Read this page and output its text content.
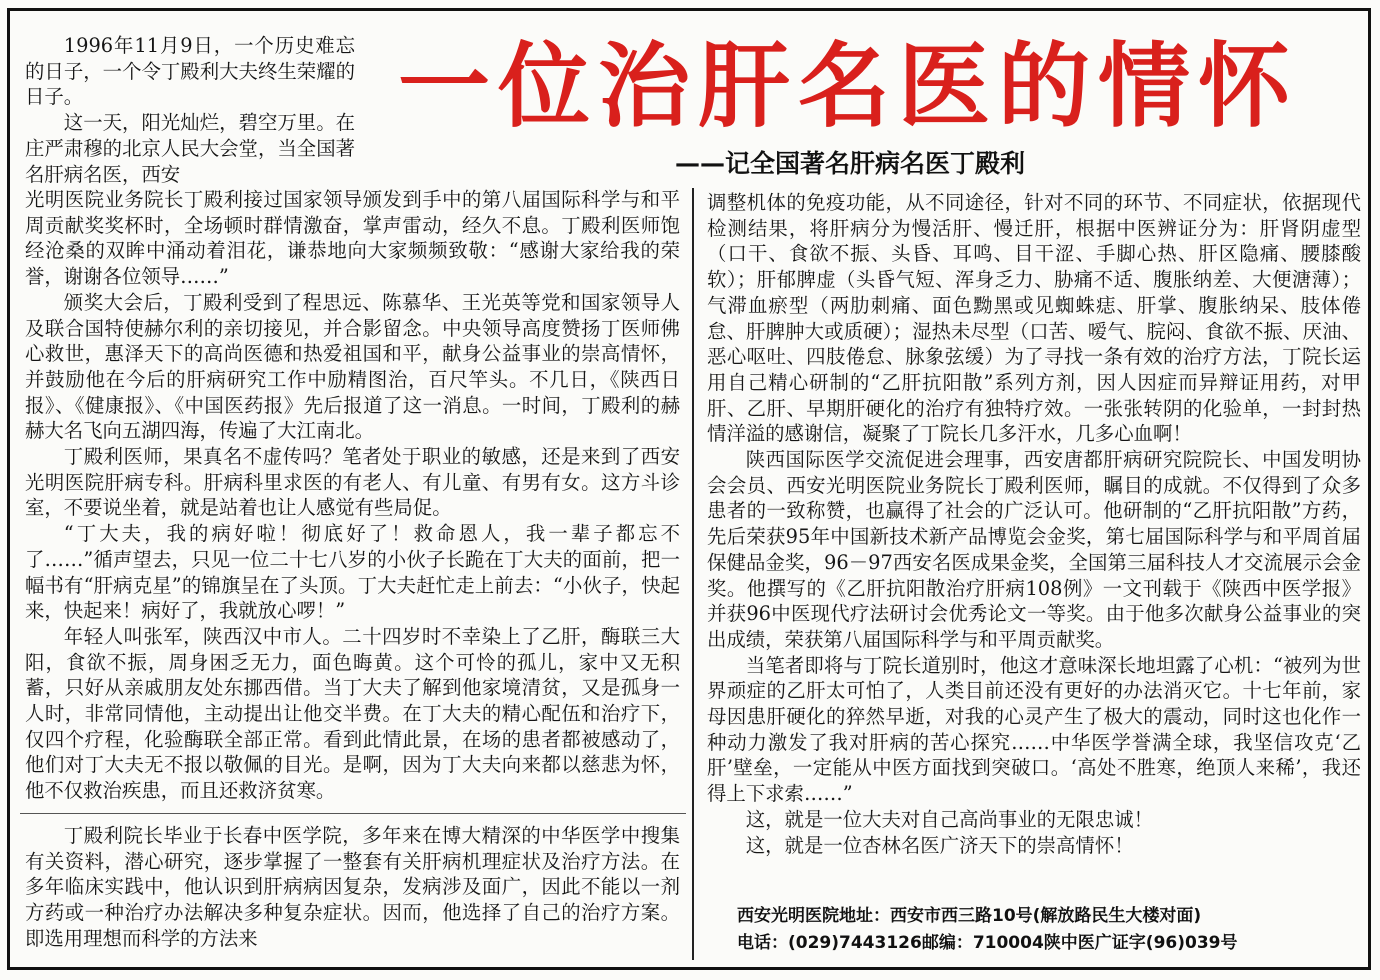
一位治肝名医的情怀
——记全国著名肝病名医丁殿利

1996年11月9日，一个历史难忘的日子，一个令丁殿利大夫终生荣耀的日子。

这一天，阳光灿烂，碧空万里。在庄严肃穆的北京人民大会堂，当全国著名肝病名医，西安

光明医院业务院长丁殿利接过国家领导颁发到手中的第八届国际科学与和平周贡献奖奖杯时，全场顿时群情激奋，掌声雷动，经久不息。丁殿利医师饱经沧桑的双眸中涌动着泪花，谦恭地向大家频频致敬：“感谢大家给我的荣誉，谢谢各位领导……”

颁奖大会后，丁殿利受到了程思远、陈慕华、王光英等党和国家领导人及联合国特使赫尔利的亲切接见，并合影留念。中央领导高度赞扬丁医师佛心救世，惠泽天下的高尚医德和热爱祖国和平，献身公益事业的崇高情怀，并鼓励他在今后的肝病研究工作中励精图治，百尺竿头。不几日，《陕西日报》、《健康报》、《中国医药报》先后报道了这一消息。一时间，丁殿利的赫赫大名飞向五湖四海，传遍了大江南北。

丁殿利医师，果真名不虚传吗？笔者处于职业的敏感，还是来到了西安光明医院肝病专科。肝病科里求医的有老人、有儿童、有男有女。这方斗诊室，不要说坐着，就是站着也让人感觉有些局促。

“丁大夫，我的病好啦！彻底好了！救命恩人，我一辈子都忘不了……”循声望去，只见一位二十七八岁的小伙子长跪在丁大夫的面前，把一幅书有“肝病克星”的锦旗呈在了头顶。丁大夫赶忙走上前去：“小伙子，快起来，快起来！病好了，我就放心啰！”

年轻人叫张军，陕西汉中市人。二十四岁时不幸染上了乙肝，酶联三大阳，食欲不振，周身困乏无力，面色晦黄。这个可怜的孤儿，家中又无积蓄，只好从亲戚朋友处东挪西借。当丁大夫了解到他家境清贫，又是孤身一人时，非常同情他，主动提出让他交半费。在丁大夫的精心配伍和治疗下，仅四个疗程，化验酶联全部正常。看到此情此景，在场的患者都被感动了，他们对丁大夫无不报以敬佩的目光。是啊，因为丁大夫向来都以慈悲为怀，他不仅救治疾患，而且还救济贫寒。

丁殿利院长毕业于长春中医学院，多年来在博大精深的中华医学中搜集有关资料，潜心研究，逐步掌握了一整套有关肝病机理症状及治疗方法。在多年临床实践中，他认识到肝病病因复杂，发病涉及面广，因此不能以一剂方药或一种治疗办法解决多种复杂症状。因而，他选择了自己的治疗方案。即选用理想而科学的方法来

调整机体的免疫功能，从不同途径，针对不同的环节、不同症状，依据现代检测结果，将肝病分为慢活肝、慢迁肝，根据中医辨证分为：肝肾阴虚型（口干、食欲不振、头昏、耳鸣、目干涩、手脚心热、肝区隐痛、腰膝酸软）；肝郁脾虚（头昏气短、浑身乏力、胁痛不适、腹胀纳差、大便溏薄）；气滞血瘀型（两肋刺痛、面色黝黑或见蜘蛛痣、肝掌、腹胀纳呆、肢体倦怠、肝脾肿大或质硬）；湿热未尽型（口苦、嗳气、脘闷、食欲不振、厌油、恶心呕吐、四肢倦怠、脉象弦缓）为了寻找一条有效的治疗方法，丁院长运用自己精心研制的“乙肝抗阳散”系列方剂，因人因症而异辩证用药，对甲肝、乙肝、早期肝硬化的治疗有独特疗效。一张张转阴的化验单，一封封热情洋溢的感谢信，凝聚了丁院长几多汗水，几多心血啊！

陕西国际医学交流促进会理事，西安唐都肝病研究院院长、中国发明协会会员、西安光明医院业务院长丁殿利医师，瞩目的成就。不仅得到了众多患者的一致称赞，也赢得了社会的广泛认可。他研制的“乙肝抗阳散”方药，先后荣获95年中国新技术新产品博览会金奖，第七届国际科学与和平周首届保健品金奖，96－97西安名医成果金奖，全国第三届科技人才交流展示会金奖。他撰写的《乙肝抗阳散治疗肝病108例》一文刊载于《陕西中医学报》并获96中医现代疗法研讨会优秀论文一等奖。由于他多次献身公益事业的突出成绩，荣获第八届国际科学与和平周贡献奖。

当笔者即将与丁院长道别时，他这才意味深长地坦露了心机：“被列为世界顽症的乙肝太可怕了，人类目前还没有更好的办法消灭它。十七年前，家母因患肝硬化的猝然早逝，对我的心灵产生了极大的震动，同时这也化作一种动力激发了我对肝病的苦心探究……中华医学誉满全球，我坚信攻克‘乙肝’壁垒，一定能从中医方面找到突破口。‘高处不胜寒，绝顶人来稀’，我还得上下求索……”

这，就是一位大夫对自己高尚事业的无限忠诚！

这，就是一位杏林名医广济天下的崇高情怀！

西安光明医院地址：西安市西三路10号(解放路民生大楼对面)
电话：(029)7443126邮编：710004陕中医广证字(96)039号
